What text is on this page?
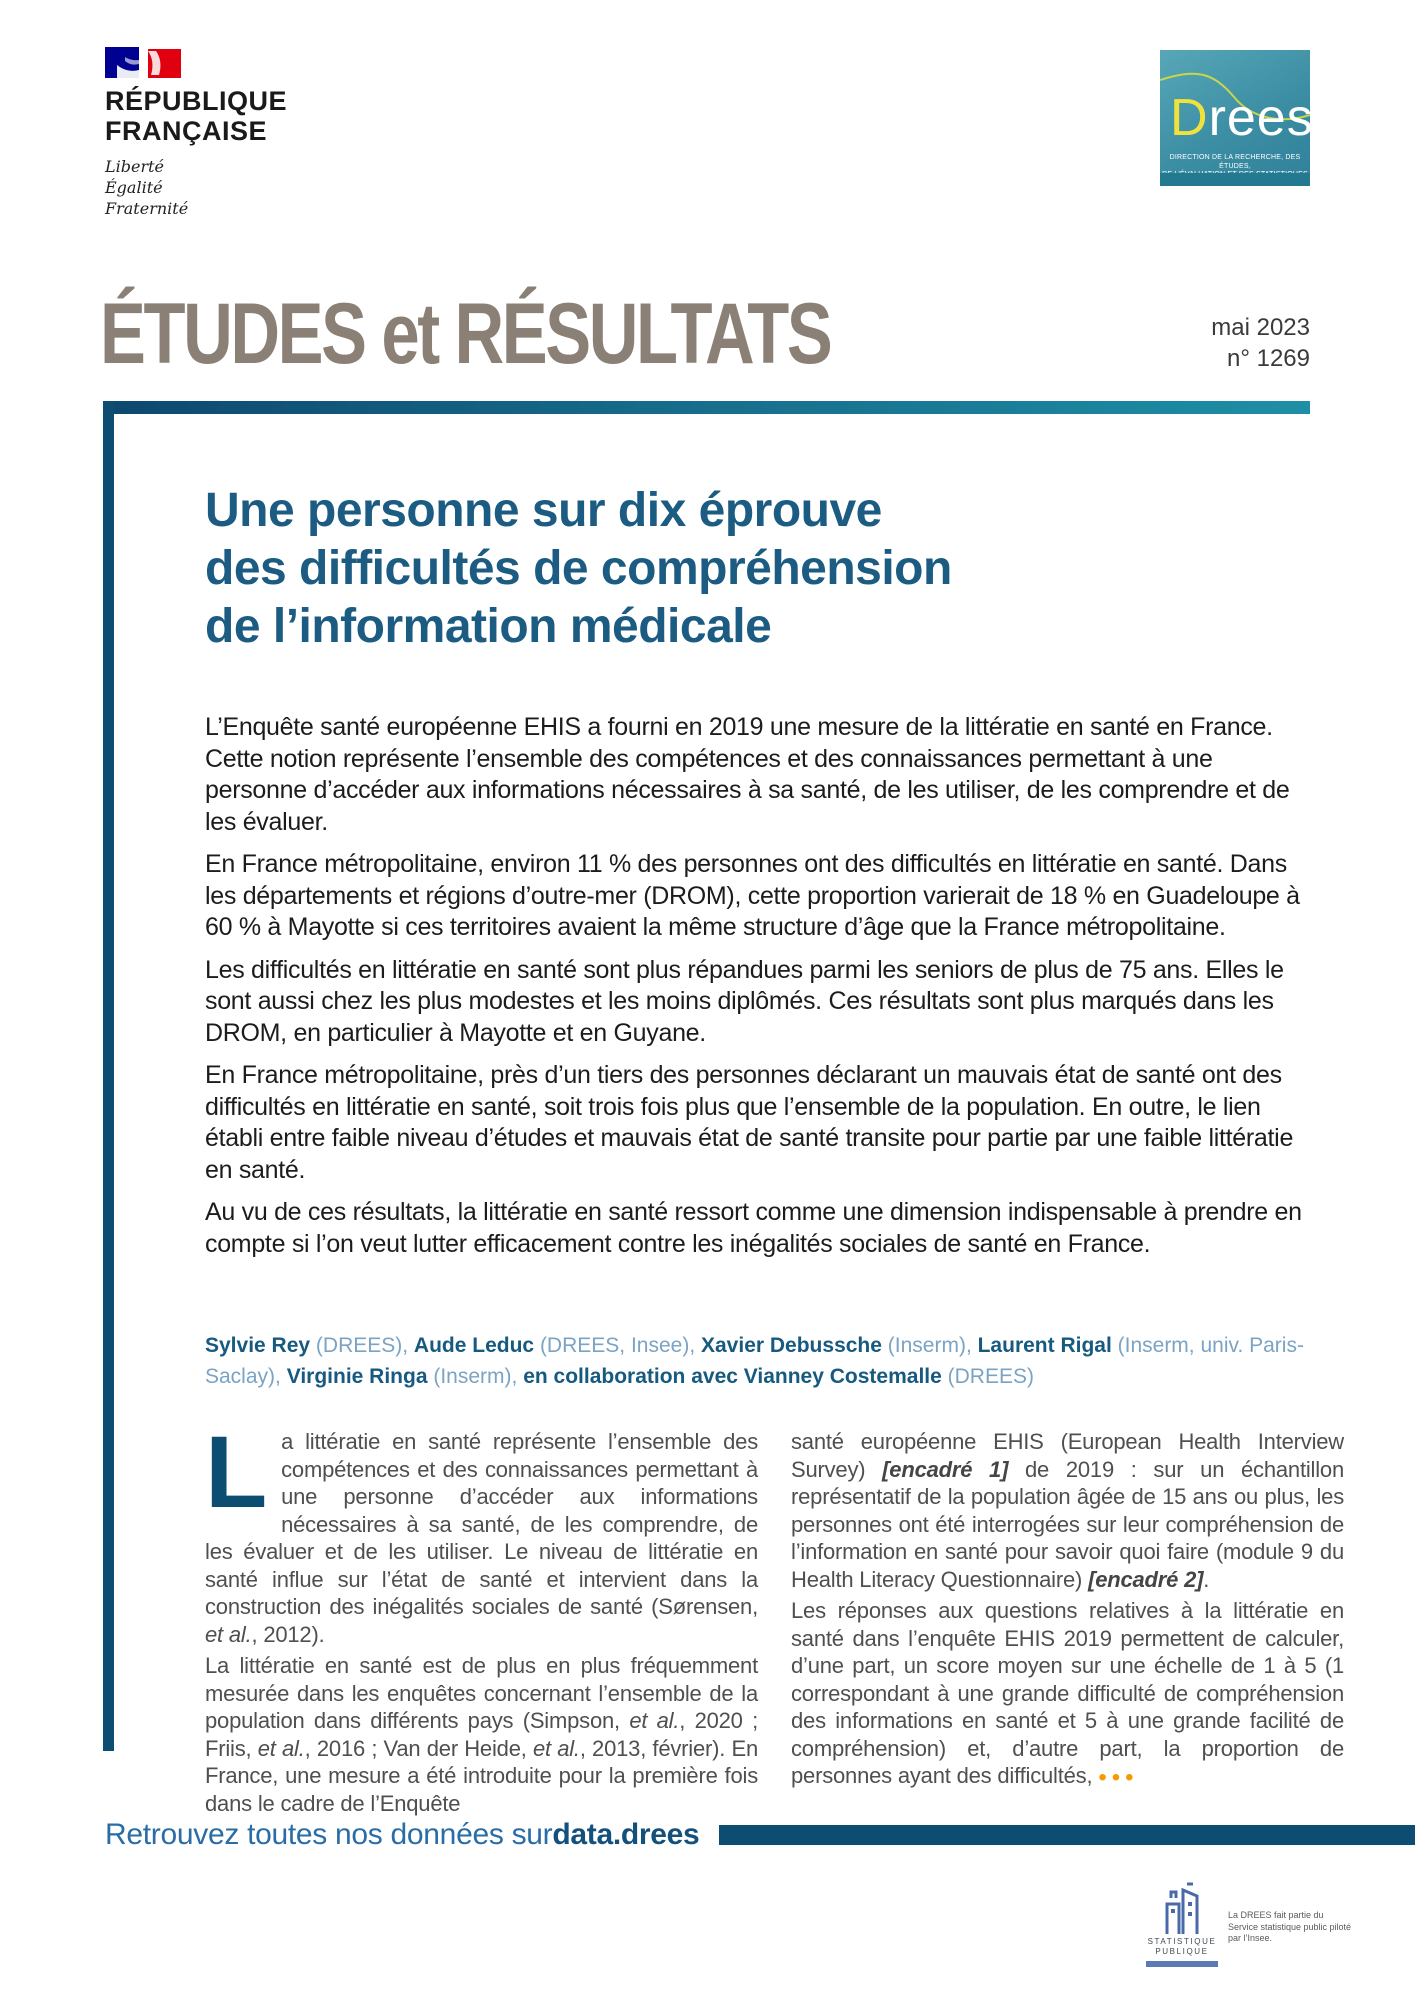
RÉPUBLIQUE
FRANÇAISE
Liberté
Égalité
Fraternité
Drees
DIRECTION DE LA RECHERCHE, DES ÉTUDES,
ÉTUDES et RÉSULTATS	mai 2023
n° 1269
Une personne sur dix éprouve
des difficultés de compréhension
de l’information médicale

L’Enquête santé européenne EHIS a fourni en 2019 une mesure de la littératie en santé en France. Cette notion représente l’ensemble des compétences et des connaissances permettant à une personne d’accéder aux informations nécessaires à sa santé, de les utiliser, de les comprendre et de les évaluer.

En France métropolitaine, environ 11 % des personnes ont des difficultés en littératie en santé. Dans les départements et régions d’outre-mer (DROM), cette proportion varierait de 18 % en Guadeloupe à 60 % à Mayotte si ces territoires avaient la même structure d’âge que la France métropolitaine.

Les difficultés en littératie en santé sont plus répandues parmi les seniors de plus de 75 ans. Elles le sont aussi chez les plus modestes et les moins diplômés. Ces résultats sont plus marqués dans les DROM, en particulier à Mayotte et en Guyane.

En France métropolitaine, près d’un tiers des personnes déclarant un mauvais état de santé ont des difficultés en littératie en santé, soit trois fois plus que l’ensemble de la population. En outre, le lien établi entre faible niveau d’études et mauvais état de santé transite pour partie par une faible littératie en santé.

Au vu de ces résultats, la littératie en santé ressort comme une dimension indispensable à prendre en compte si l’on veut lutter efficacement contre les inégalités sociales de santé en France.

Sylvie Rey (DREES), Aude Leduc (DREES, Insee), Xavier Debussche (Inserm), Laurent Rigal (Inserm, univ. Paris-Saclay), Virginie Ringa (Inserm), en collaboration avec Vianney Costemalle (DREES)

La littératie en santé représente l’ensemble des compétences et des connaissances permettant à une personne d’accéder aux informations nécessaires à sa santé, de les comprendre, de les évaluer et de les utiliser. Le niveau de littératie en santé influe sur l’état de santé et intervient dans la construction des inégalités sociales de santé (Sørensen, et al., 2012).

La littératie en santé est de plus en plus fréquemment mesurée dans les enquêtes concernant l’ensemble de la population dans différents pays (Simpson, et al., 2020 ; Friis, et al., 2016 ; Van der Heide, et al., 2013, février). En France, une mesure a été introduite pour la première fois dans le cadre de l’Enquête

santé européenne EHIS (European Health Interview Survey) [encadré 1] de 2019 : sur un échantillon représentatif de la population âgée de 15 ans ou plus, les personnes ont été interrogées sur leur compréhension de l’information en santé pour savoir quoi faire (module 9 du Health Literacy Questionnaire) [encadré 2].

Les réponses aux questions relatives à la littératie en santé dans l’enquête EHIS 2019 permettent de calculer, d’une part, un score moyen sur une échelle de 1 à 5 (1 correspondant à une grande difficulté de compréhension des informations en santé et 5 à une grande facilité de compréhension) et, d’autre part, la proportion de personnes ayant des difficultés, •••

Retrouvez toutes nos données sur data.drees
STATISTIQUE
PUBLIQUE
La DREES fait partie du Service statistique public piloté par l’Insee.
